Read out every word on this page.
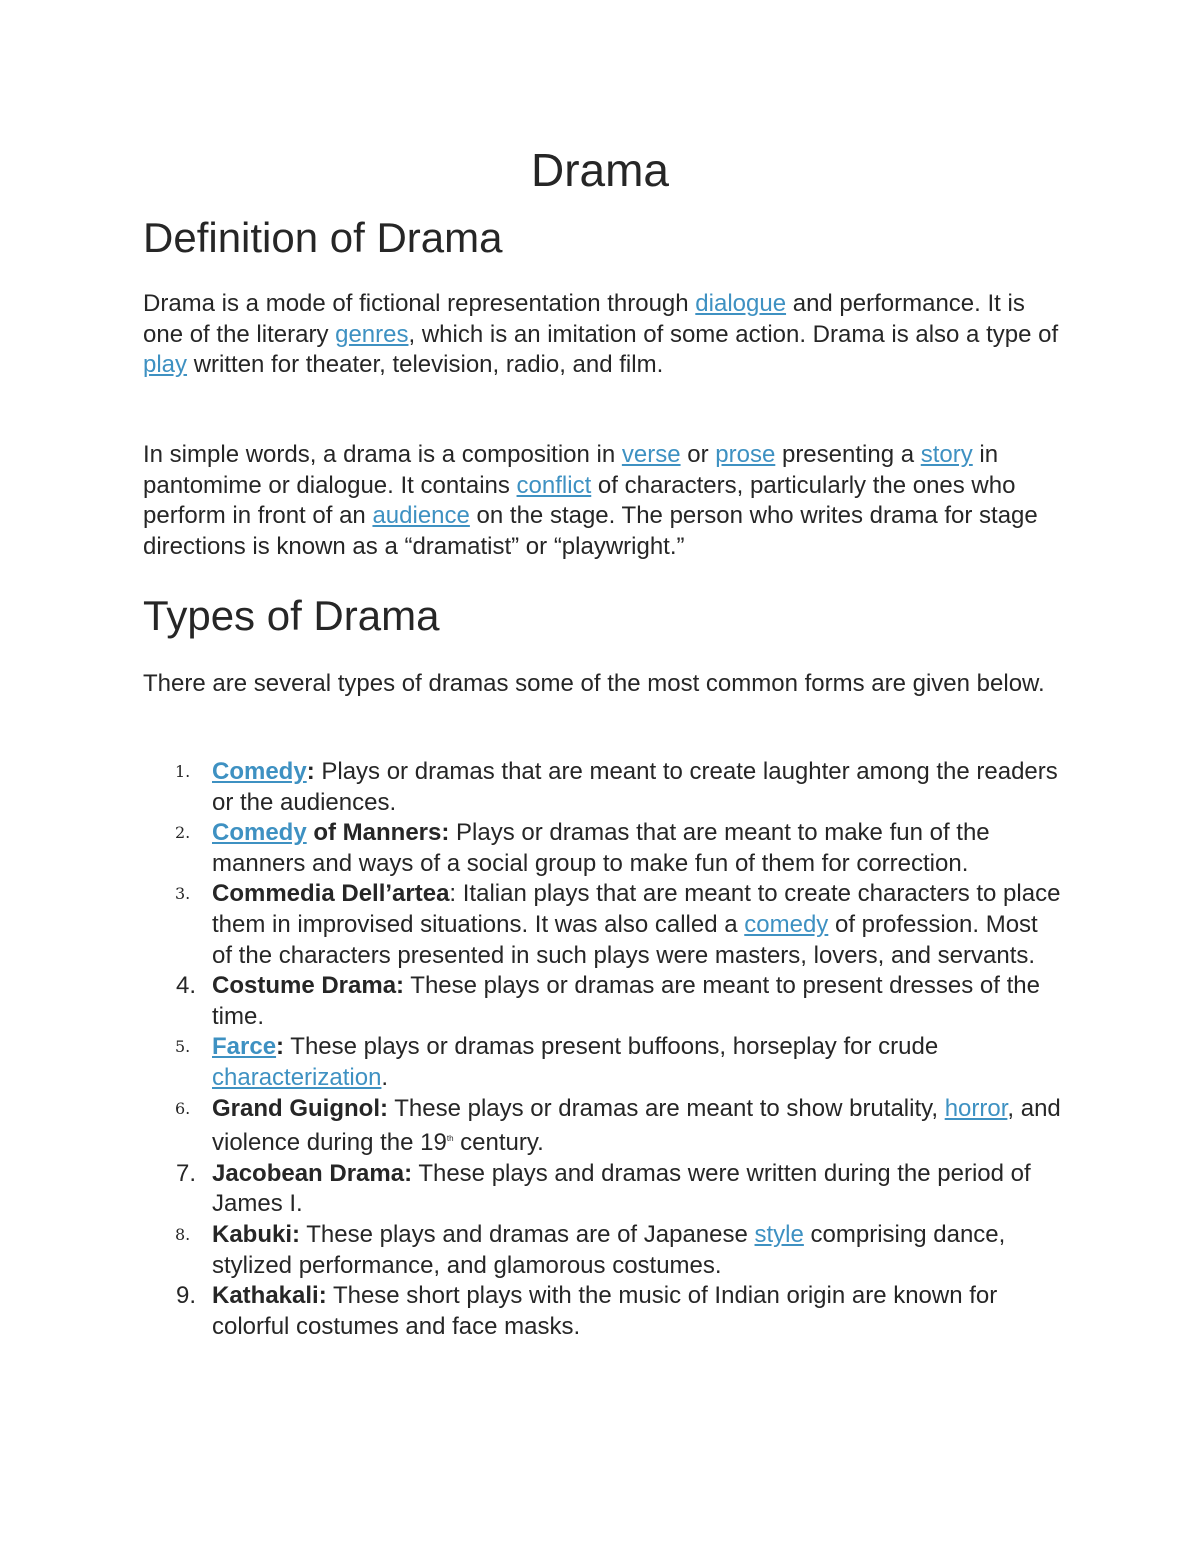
Drama
Definition of Drama

Drama is a mode of fictional representation through dialogue and performance. It is one of the literary genres, which is an imitation of some action. Drama is also a type of play written for theater, television, radio, and film.

In simple words, a drama is a composition in verse or prose presenting a story in pantomime or dialogue. It contains conflict of characters, particularly the ones who perform in front of an audience on the stage. The person who writes drama for stage directions is known as a “dramatist” or “playwright.”

Types of Drama

There are several types of dramas some of the most common forms are given below.

1. Comedy: Plays or dramas that are meant to create laughter among the readers or the audiences.
2. Comedy of Manners: Plays or dramas that are meant to make fun of the manners and ways of a social group to make fun of them for correction.
3. Commedia Dell’artea: Italian plays that are meant to create characters to place them in improvised situations. It was also called a comedy of profession. Most of the characters presented in such plays were masters, lovers, and servants.
4. Costume Drama: These plays or dramas are meant to present dresses of the time.
5. Farce: These plays or dramas present buffoons, horseplay for crude characterization.
6. Grand Guignol: These plays or dramas are meant to show brutality, horror, and violence during the 19th century.
7. Jacobean Drama: These plays and dramas were written during the period of James I.
8. Kabuki: These plays and dramas are of Japanese style comprising dance, stylized performance, and glamorous costumes.
9. Kathakali: These short plays with the music of Indian origin are known for colorful costumes and face masks.
